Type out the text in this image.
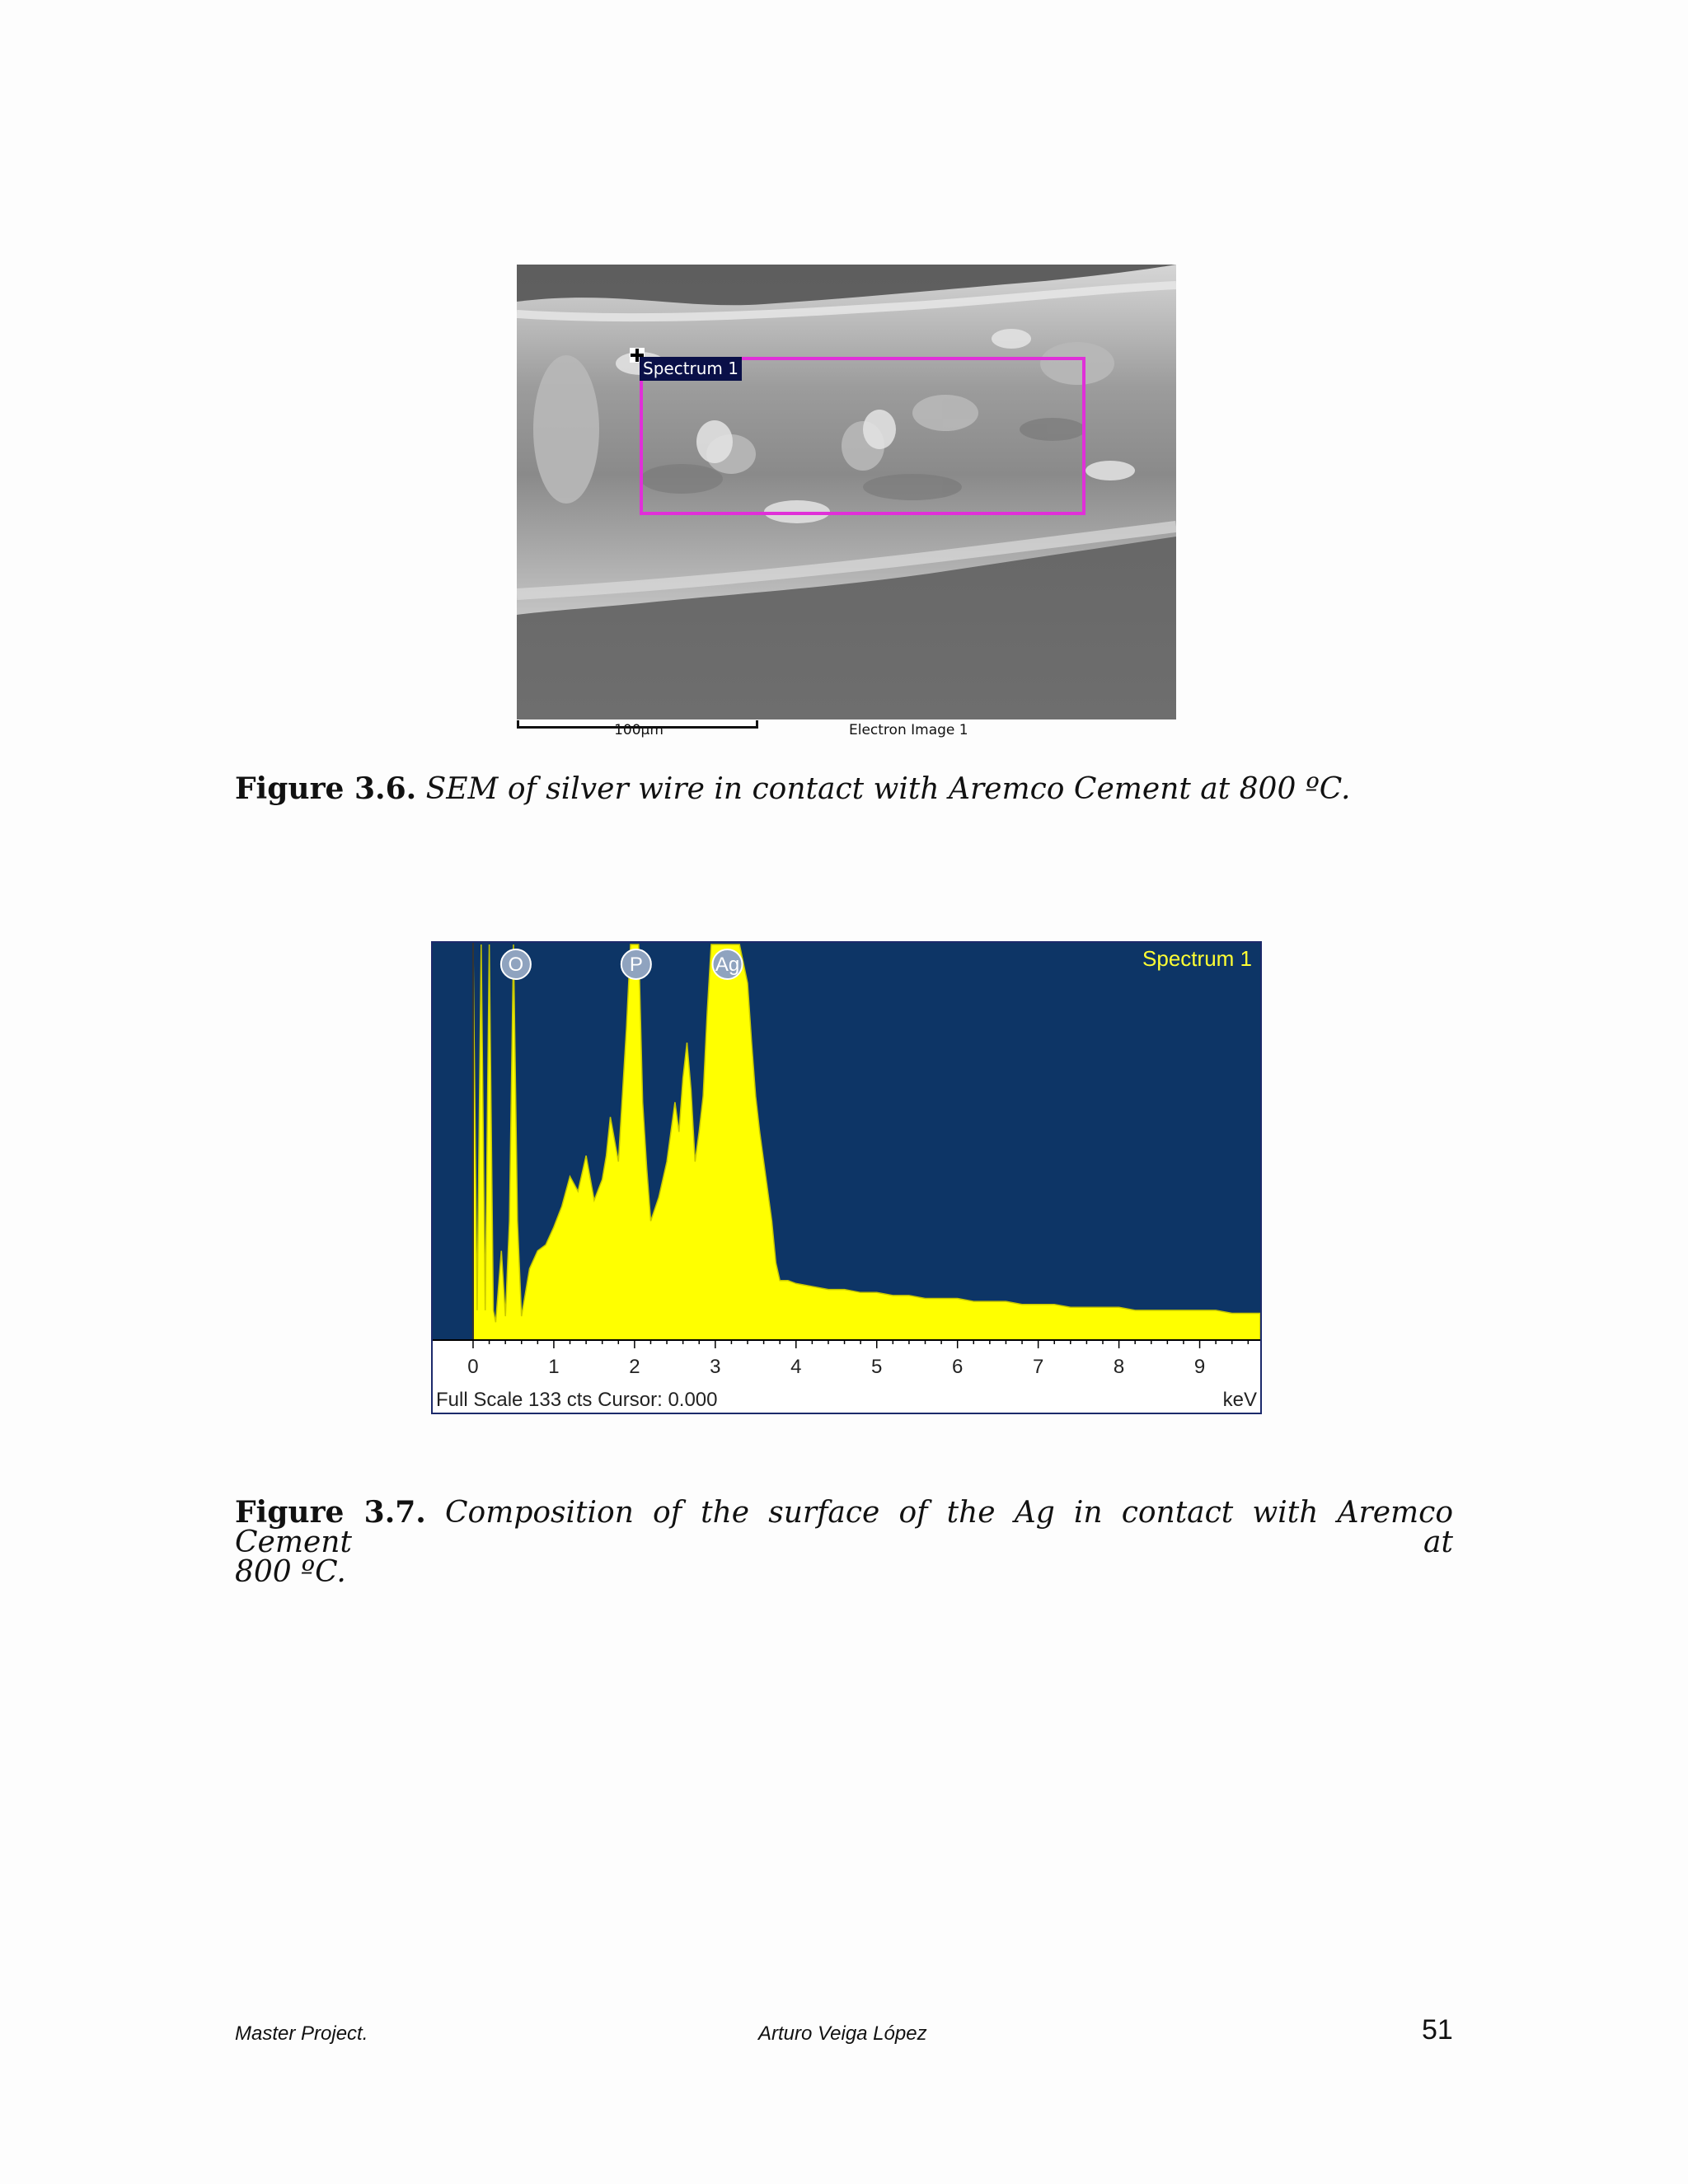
Spectrum 1
100µm	Electron Image 1
Figure 3.6. SEM of silver wire in contact with Aremco Cement at 800 ºC.
O	P	Ag	Spectrum 1
0	1	2	3	4	5	6	7	8	9
Full Scale 133 cts Cursor: 0.000	keV
Figure 3.7. Composition of the surface of the Ag in contact with Aremco Cement at
800 ºC.
Master Project.	Arturo Veiga López	51
